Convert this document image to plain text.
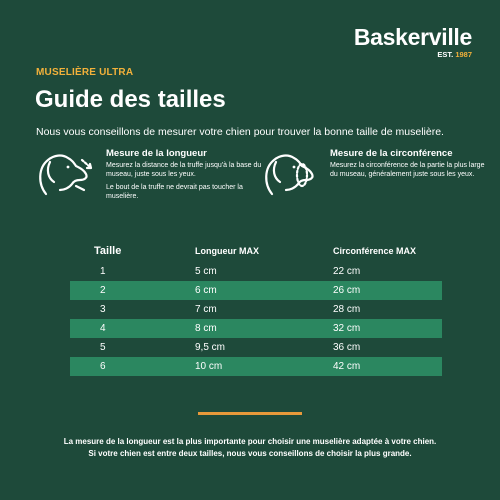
Baskerville
EST. 1987
MUSELIÈRE ULTRA
Guide des tailles
Nous vous conseillons de mesurer votre chien pour trouver la bonne taille de muselière.
Mesure de la longueur

Mesurez la distance de la truffe jusqu'à la base du museau, juste sous les yeux.

Le bout de la truffe ne devrait pas toucher la muselière.

Mesure de la circonférence

Mesurez la circonférence de la partie la plus large du museau, généralement juste sous les yeux.

Taille	Longueur MAX	Circonférence MAX
1	5 cm	22 cm
2	6 cm	26 cm
3	7 cm	28 cm
4	8 cm	32 cm
5	9,5 cm	36 cm
6	10 cm	42 cm

La mesure de la longueur est la plus importante pour choisir une muselière adaptée à votre chien.

Si votre chien est entre deux tailles, nous vous conseillons de choisir la plus grande.
